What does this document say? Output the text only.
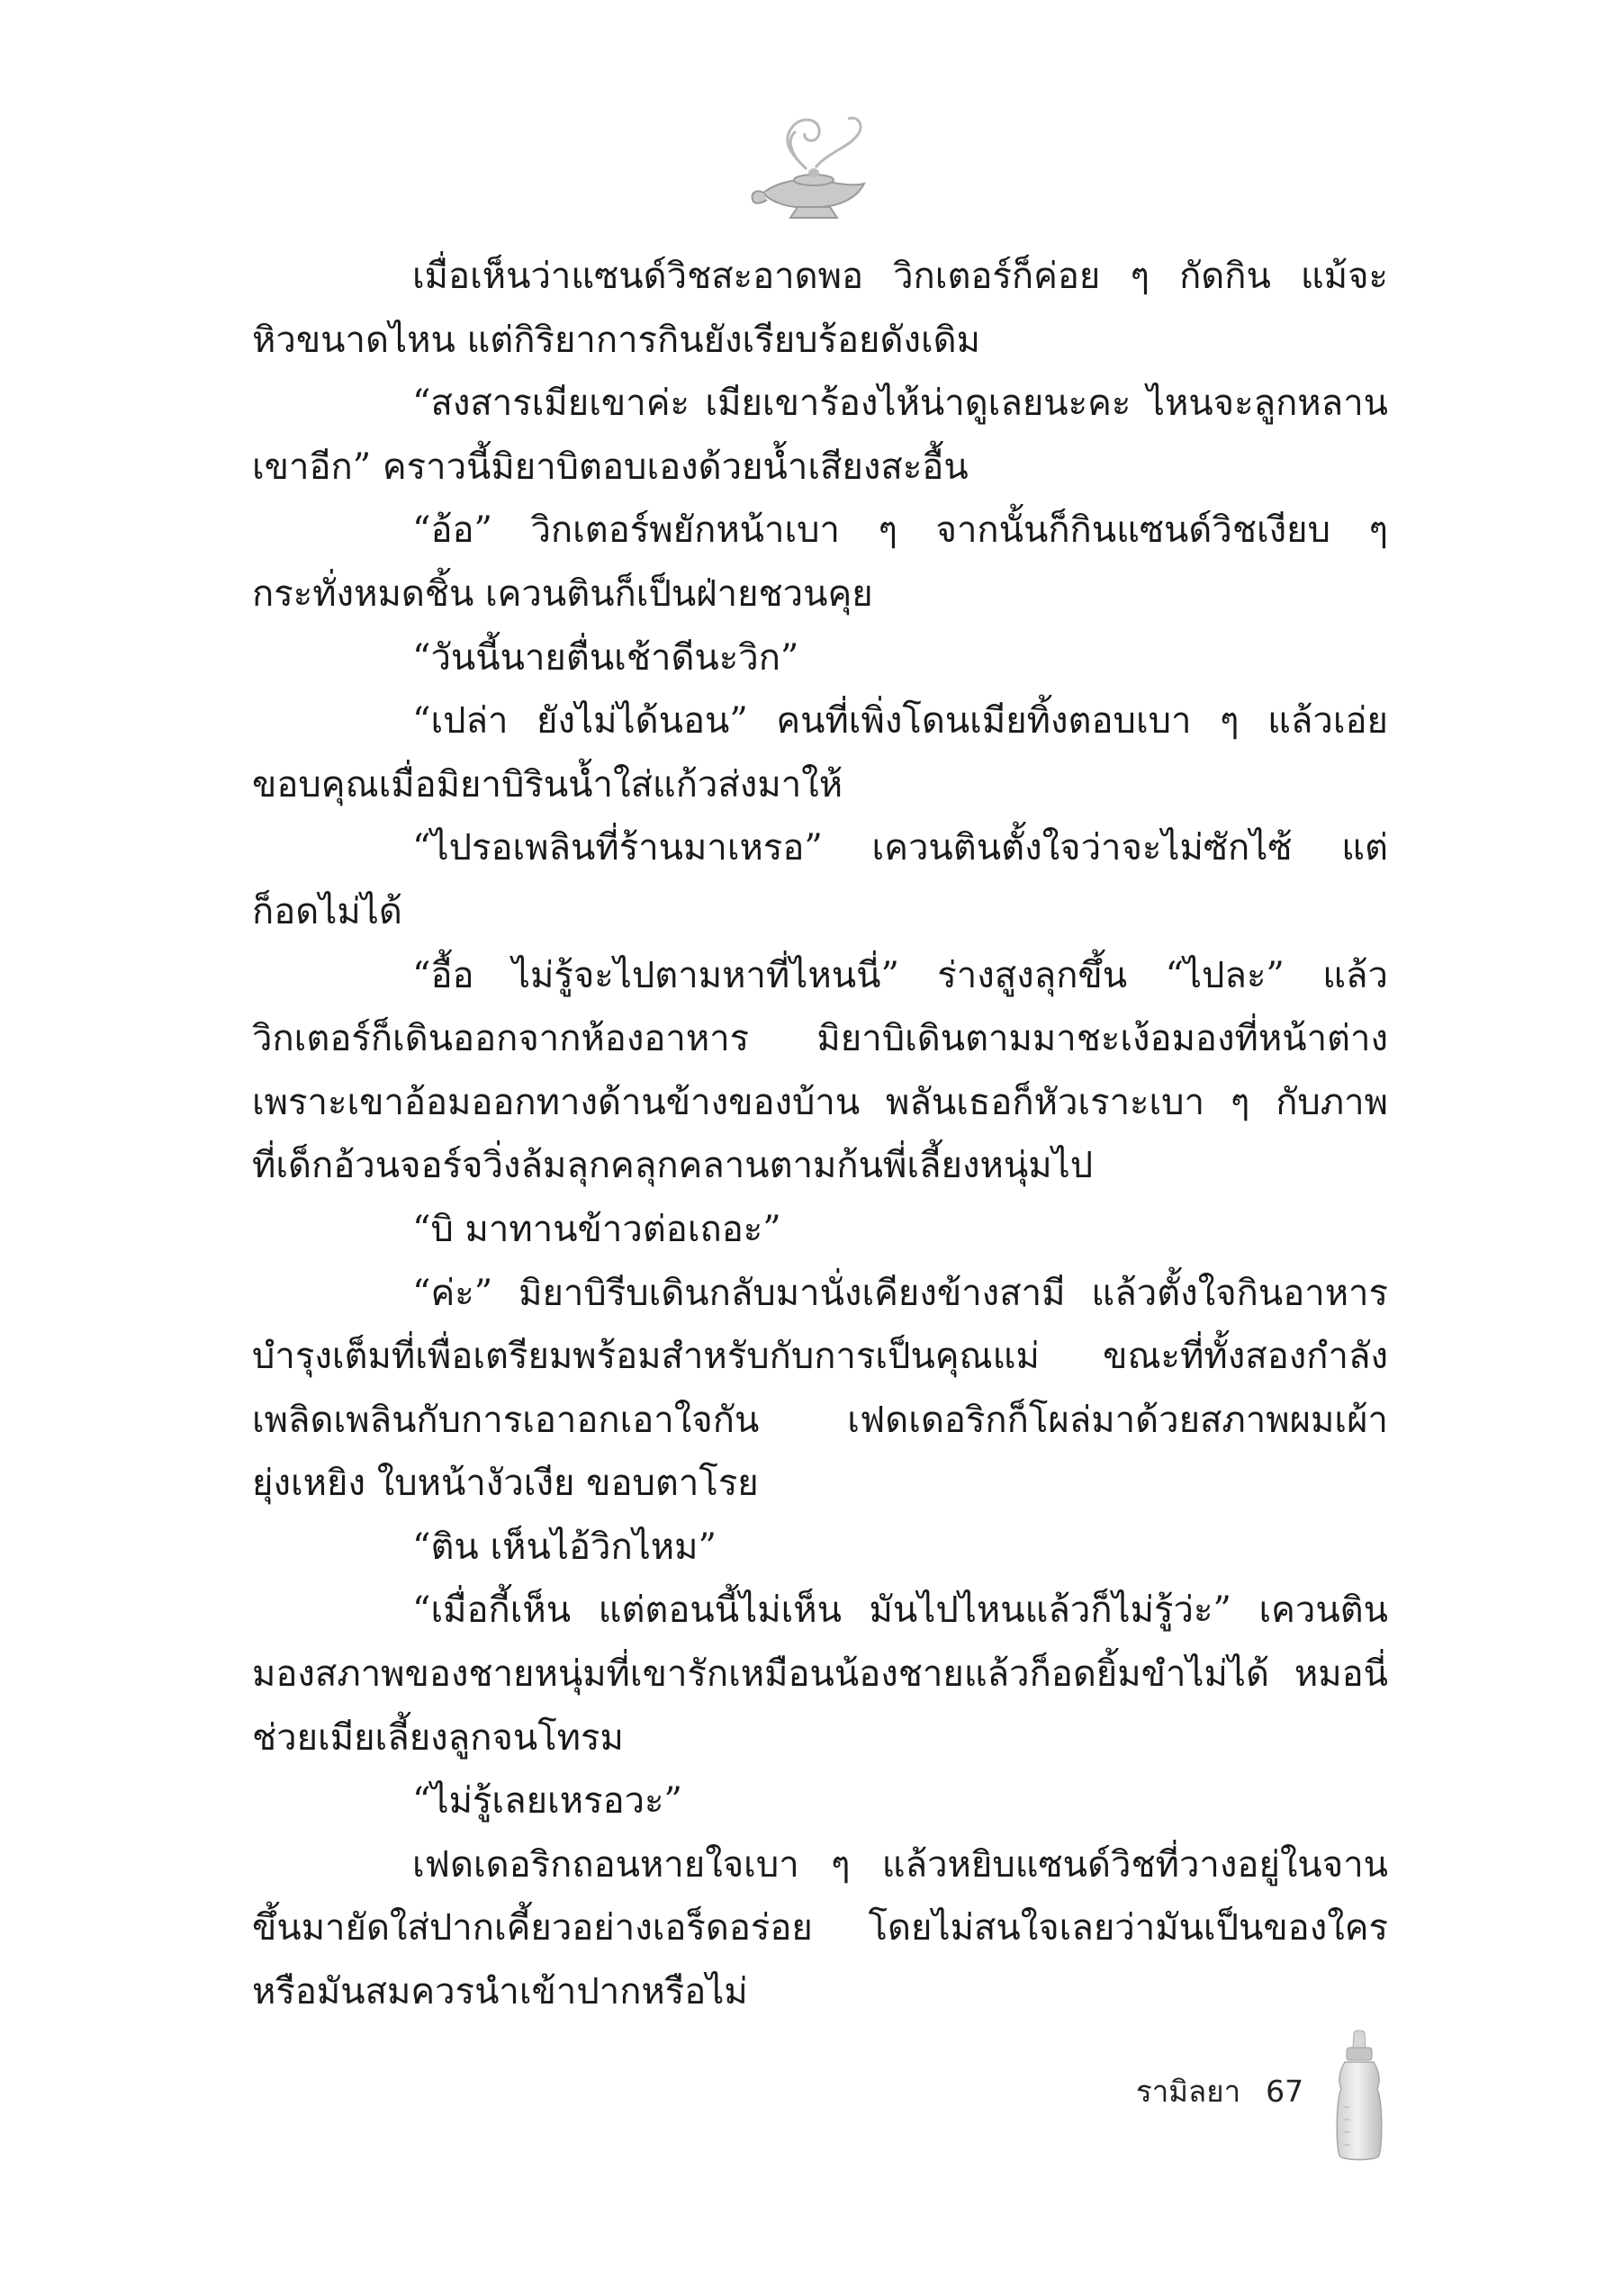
เมื่อเห็นว่าแซนด์วิชสะอาดพอ วิกเตอร์ก็ค่อย ๆ กัดกิน แม้จะ
หิวขนาดไหน แต่กิริยาการกินยังเรียบร้อยดังเดิม
“สงสารเมียเขาค่ะ เมียเขาร้องไห้น่าดูเลยนะคะ ไหนจะลูกหลาน
เขาอีก” คราวนี้มิยาบิตอบเองด้วยน้ำเสียงสะอื้น
“อ้อ” วิกเตอร์พยักหน้าเบา ๆ จากนั้นก็กินแซนด์วิชเงียบ ๆ
กระทั่งหมดชิ้น เควนตินก็เป็นฝ่ายชวนคุย
“วันนี้นายตื่นเช้าดีนะวิก”
“เปล่า ยังไม่ได้นอน” คนที่เพิ่งโดนเมียทิ้งตอบเบา ๆ แล้วเอ่ย
ขอบคุณเมื่อมิยาบิรินน้ำใส่แก้วส่งมาให้
“ไปรอเพลินที่ร้านมาเหรอ” เควนตินตั้งใจว่าจะไม่ซักไซ้ แต่
ก็อดไม่ได้
“อื้อ ไม่รู้จะไปตามหาที่ไหนนี่” ร่างสูงลุกขึ้น “ไปละ” แล้ว
วิกเตอร์ก็เดินออกจากห้องอาหาร มิยาบิเดินตามมาชะเง้อมองที่หน้าต่าง
เพราะเขาอ้อมออกทางด้านข้างของบ้าน พลันเธอก็หัวเราะเบา ๆ กับภาพ
ที่เด็กอ้วนจอร์จวิ่งล้มลุกคลุกคลานตามก้นพี่เลี้ยงหนุ่มไป
“บิ มาทานข้าวต่อเถอะ”
“ค่ะ” มิยาบิรีบเดินกลับมานั่งเคียงข้างสามี แล้วตั้งใจกินอาหาร
บำรุงเต็มที่เพื่อเตรียมพร้อมสำหรับกับการเป็นคุณแม่ ขณะที่ทั้งสองกำลัง
เพลิดเพลินกับการเอาอกเอาใจกัน เฟดเดอริกก็โผล่มาด้วยสภาพผมเผ้า
ยุ่งเหยิง ใบหน้างัวเงีย ขอบตาโรย
“ติน เห็นไอ้วิกไหม”
“เมื่อกี้เห็น แต่ตอนนี้ไม่เห็น มันไปไหนแล้วก็ไม่รู้ว่ะ” เควนติน
มองสภาพของชายหนุ่มที่เขารักเหมือนน้องชายแล้วก็อดยิ้มขำไม่ได้ หมอนี่
ช่วยเมียเลี้ยงลูกจนโทรม
“ไม่รู้เลยเหรอวะ”
เฟดเดอริกถอนหายใจเบา ๆ แล้วหยิบแซนด์วิชที่วางอยู่ในจาน
ขึ้นมายัดใส่ปากเคี้ยวอย่างเอร็ดอร่อย โดยไม่สนใจเลยว่ามันเป็นของใคร
หรือมันสมควรนำเข้าปากหรือไม่
รามิลยา 67
